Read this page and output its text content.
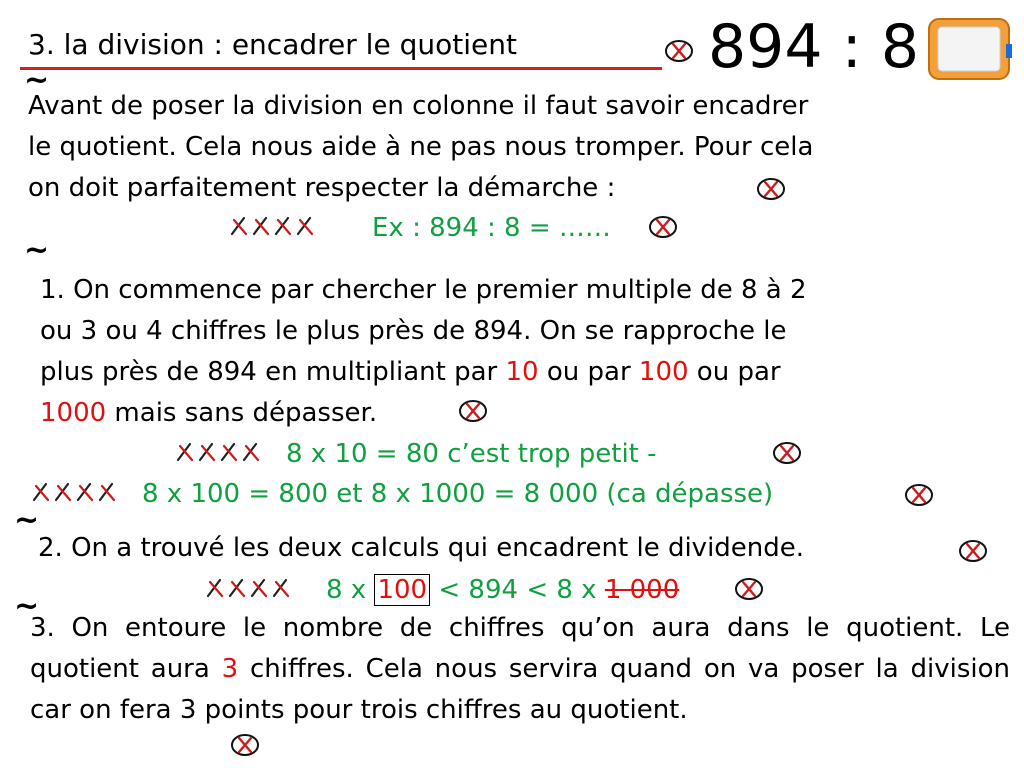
3. la division : encadrer le quotient	894 : 8
~
Avant de poser la division en colonne il faut savoir encadrer
le quotient. Cela nous aide à ne pas nous tromper. Pour cela
on doit parfaitement respecter la démarche :
Ex : 894 : 8 = ……
~
1. On commence par chercher le premier multiple de 8 à 2
ou 3 ou 4 chiffres le plus près de 894. On se rapproche le
plus près de 894 en multipliant par 10 ou par 100 ou par
1000 mais sans dépasser.
8 x 10 = 80 c’est trop petit -
8 x 100 = 800 et 8 x 1000 = 8 000 (ca dépasse)
~
2. On a trouvé les deux calculs qui encadrent le dividende.
8 x 100 < 894 < 8 x 1 000
~
3. On entoure le nombre de chiffres qu’on aura dans le quotient. Le quotient aura 3 chiffres. Cela nous servira quand on va poser la division car on fera 3 points pour trois chiffres au quotient.
